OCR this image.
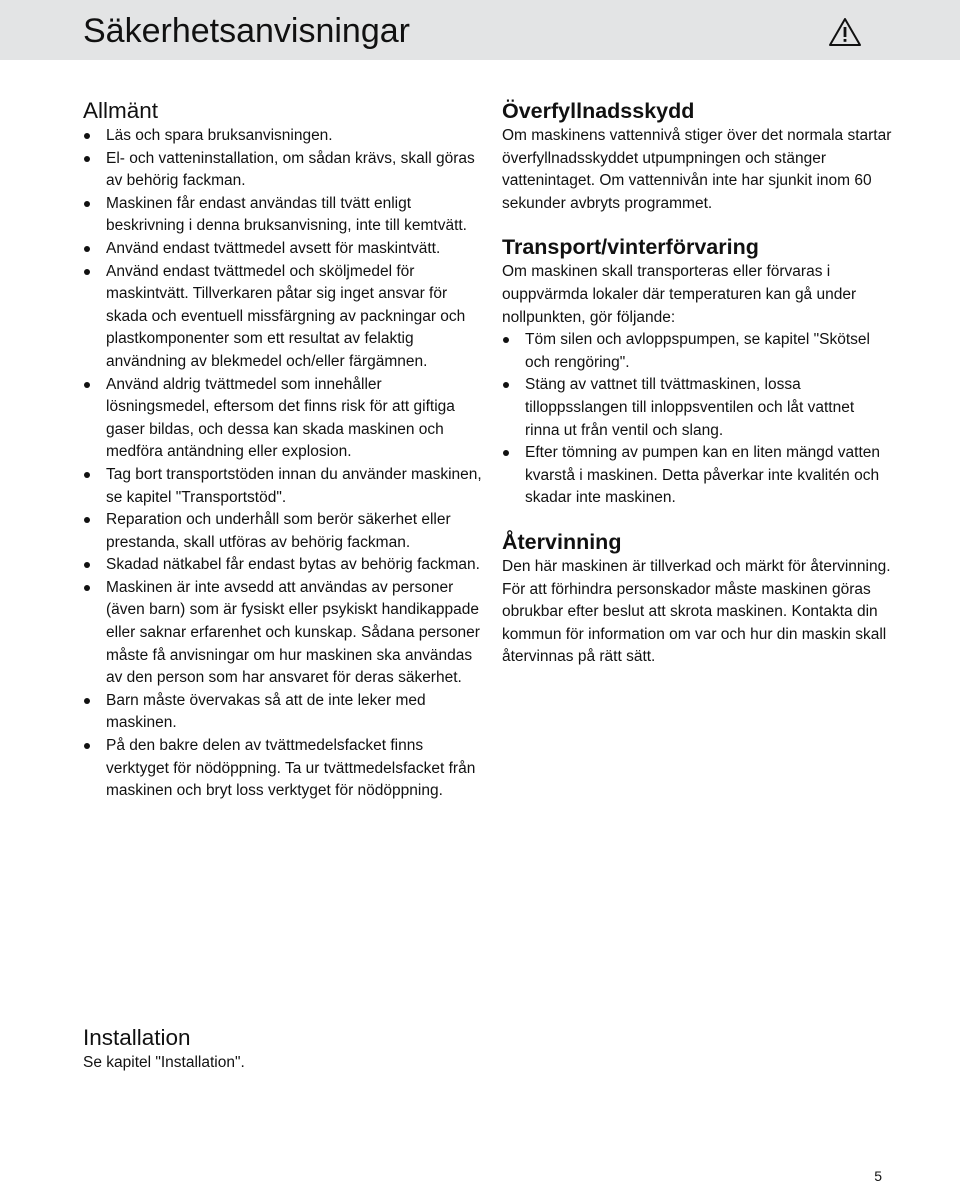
Säkerhetsanvisningar
Allmänt
Läs och spara bruksanvisningen.
El- och vatteninstallation, om sådan krävs, skall göras av behörig fackman.
Maskinen får endast användas till tvätt enligt beskrivning i denna bruksanvisning, inte till kemtvätt.
Använd endast tvättmedel avsett för maskintvätt.
Använd endast tvättmedel och sköljmedel för maskintvätt. Tillverkaren påtar sig inget ansvar för skada och eventuell missfärgning av packningar och plastkomponenter som ett resultat av felaktig användning av blekmedel och/eller färgämnen.
Använd aldrig tvättmedel som innehåller lösningsmedel, eftersom det finns risk för att giftiga gaser bildas, och dessa kan skada maskinen och medföra antändning eller explosion.
Tag bort transportstöden innan du använder maskinen, se kapitel "Transportstöd".
Reparation och underhåll som berör säkerhet eller prestanda, skall utföras av behörig fackman.
Skadad nätkabel får endast bytas av behörig fackman.
Maskinen är inte avsedd att användas av personer (även barn) som är fysiskt eller psykiskt handikappade eller saknar erfarenhet och kunskap. Sådana personer måste få anvisningar om hur maskinen ska användas av den person som har ansvaret för deras säkerhet.
Barn måste övervakas så att de inte leker med maskinen.
På den bakre delen av tvättmedelsfacket finns verktyget för nödöppning. Ta ur tvättmedelsfacket från maskinen och bryt loss verktyget för nödöppning.
Installation

Se kapitel "Installation".

Överfyllnadsskydd

Om maskinens vattennivå stiger över det normala startar överfyllnadsskyddet utpumpningen och stänger vattenintaget. Om vattennivån inte har sjunkit inom 60 sekunder avbryts programmet.

Transport/vinterförvaring

Om maskinen skall transporteras eller förvaras i ouppvärmda lokaler där temperaturen kan gå under nollpunkten, gör följande:

Töm silen och avloppspumpen, se kapitel "Skötsel och rengöring".
Stäng av vattnet till tvättmaskinen, lossa tilloppsslangen till inloppsventilen och låt vattnet rinna ut från ventil och slang.
Efter tömning av pumpen kan en liten mängd vatten kvarstå i maskinen. Detta påverkar inte kvalitén och skadar inte maskinen.
Återvinning

Den här maskinen är tillverkad och märkt för återvinning. För att förhindra personskador måste maskinen göras obrukbar efter beslut att skrota maskinen. Kontakta din kommun för information om var och hur din maskin skall återvinnas på rätt sätt.

5
